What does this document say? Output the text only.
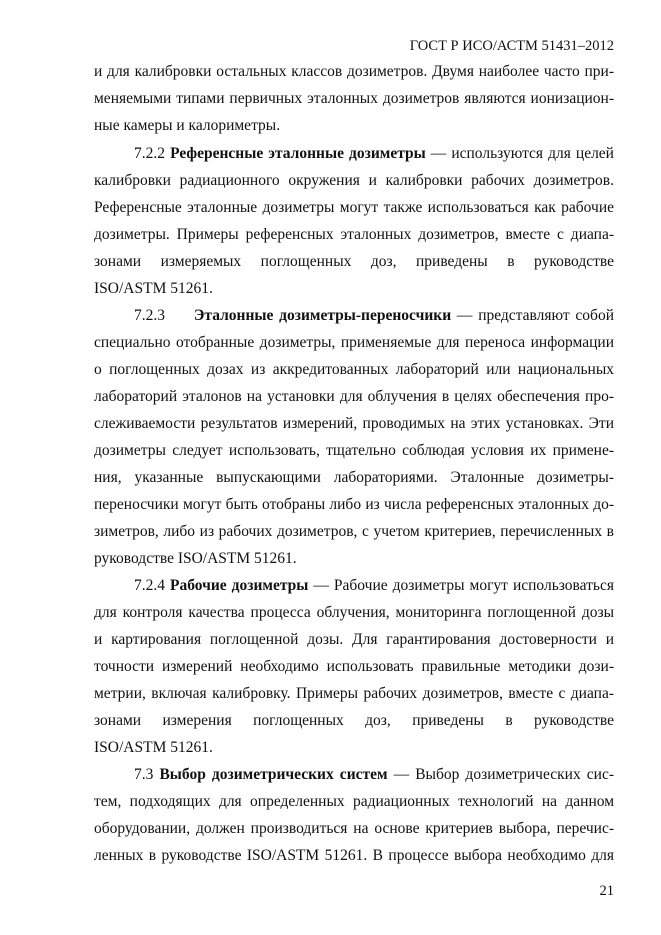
ГОСТ Р ИСО/АСТМ 51431–2012
и для калибровки остальных классов дозиметров. Двумя наиболее часто при-
меняемыми типами первичных эталонных дозиметров являются ионизацион-
ные камеры и калориметры.
7.2.2 Референсные эталонные дозиметры — используются для целей
калибровки радиационного окружения и калибровки рабочих дозиметров.
Референсные эталонные дозиметры могут также использоваться как рабочие
дозиметры. Примеры референсных эталонных дозиметров, вместе с диапа-
зонами измеряемых поглощенных доз, приведены в руководстве
ISO/ASTM 51261.
7.2.3 Эталонные дозиметры-переносчики — представляют собой
специально отобранные дозиметры, применяемые для переноса информации
о поглощенных дозах из аккредитованных лабораторий или национальных
лабораторий эталонов на установки для облучения в целях обеспечения про-
слеживаемости результатов измерений, проводимых на этих установках. Эти
дозиметры следует использовать, тщательно соблюдая условия их примене-
ния, указанные выпускающими лабораториями. Эталонные дозиметры-
переносчики могут быть отобраны либо из числа референсных эталонных до-
зиметров, либо из рабочих дозиметров, с учетом критериев, перечисленных в
руководстве ISO/ASTM 51261.
7.2.4 Рабочие дозиметры — Рабочие дозиметры могут использоваться
для контроля качества процесса облучения, мониторинга поглощенной дозы
и картирования поглощенной дозы. Для гарантирования достоверности и
точности измерений необходимо использовать правильные методики дози-
метрии, включая калибровку. Примеры рабочих дозиметров, вместе с диапа-
зонами измерения поглощенных доз, приведены в руководстве
ISO/ASTM 51261.
7.3 Выбор дозиметрических систем — Выбор дозиметрических сис-
тем, подходящих для определенных радиационных технологий на данном
оборудовании, должен производиться на основе критериев выбора, перечис-
ленных в руководстве ISO/ASTM 51261. В процессе выбора необходимо для
21
